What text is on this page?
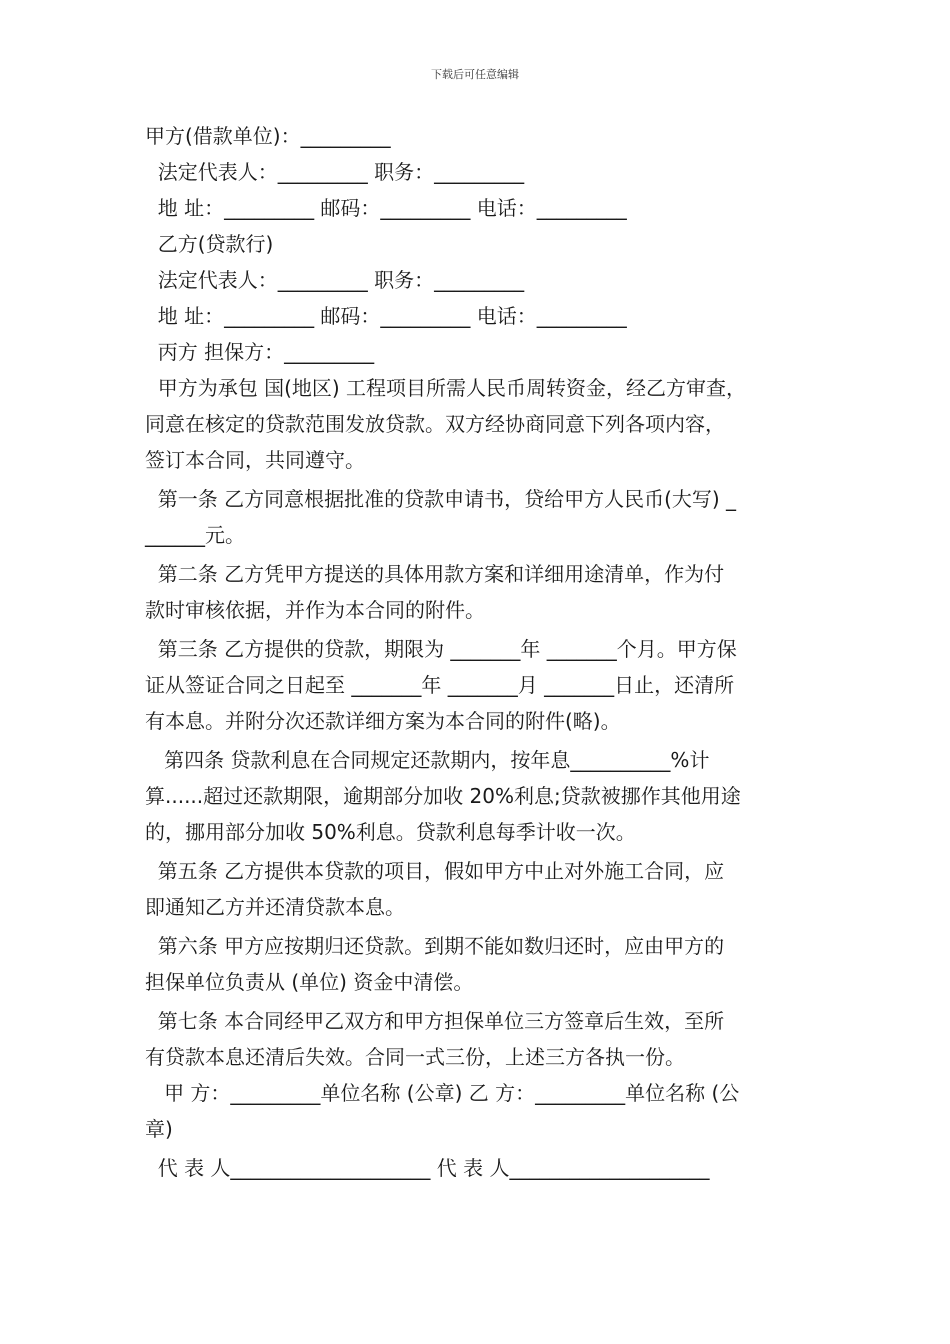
下载后可任意编辑

甲方(借款单位)：_________

法定代表人：_________ 职务：_________

地 址：_________ 邮码：_________ 电话：_________

乙方(贷款行)

法定代表人：_________ 职务：_________

地 址：_________ 邮码：_________ 电话：_________

丙方 担保方：_________

甲方为承包 国(地区) 工程项目所需人民币周转资金，经乙方审查，

同意在核定的贷款范围发放贷款。双方经协商同意下列各项内容，

签订本合同，共同遵守。

第一条 乙方同意根据批准的贷款申请书，贷给甲方人民币(大写) _

______元。

第二条 乙方凭甲方提送的具体用款方案和详细用途清单，作为付

款时审核依据，并作为本合同的附件。

第三条 乙方提供的贷款，期限为 _______年 _______个月。甲方保

证从签证合同之日起至 _______年 _______月 _______日止，还清所

有本息。并附分次还款详细方案为本合同的附件(略)。

第四条 贷款利息在合同规定还款期内，按年息__________%计

算......超过还款期限，逾期部分加收 20%利息;贷款被挪作其他用途

的，挪用部分加收 50%利息。贷款利息每季计收一次。

第五条 乙方提供本贷款的项目，假如甲方中止对外施工合同，应

即通知乙方并还清贷款本息。

第六条 甲方应按期归还贷款。到期不能如数归还时，应由甲方的

担保单位负责从 (单位) 资金中清偿。

第七条 本合同经甲乙双方和甲方担保单位三方签章后生效，至所

有贷款本息还清后失效。合同一式三份，上述三方各执一份。

甲 方：_________单位名称 (公章) 乙 方：_________单位名称 (公

章)

代 表 人____________________ 代 表 人____________________
